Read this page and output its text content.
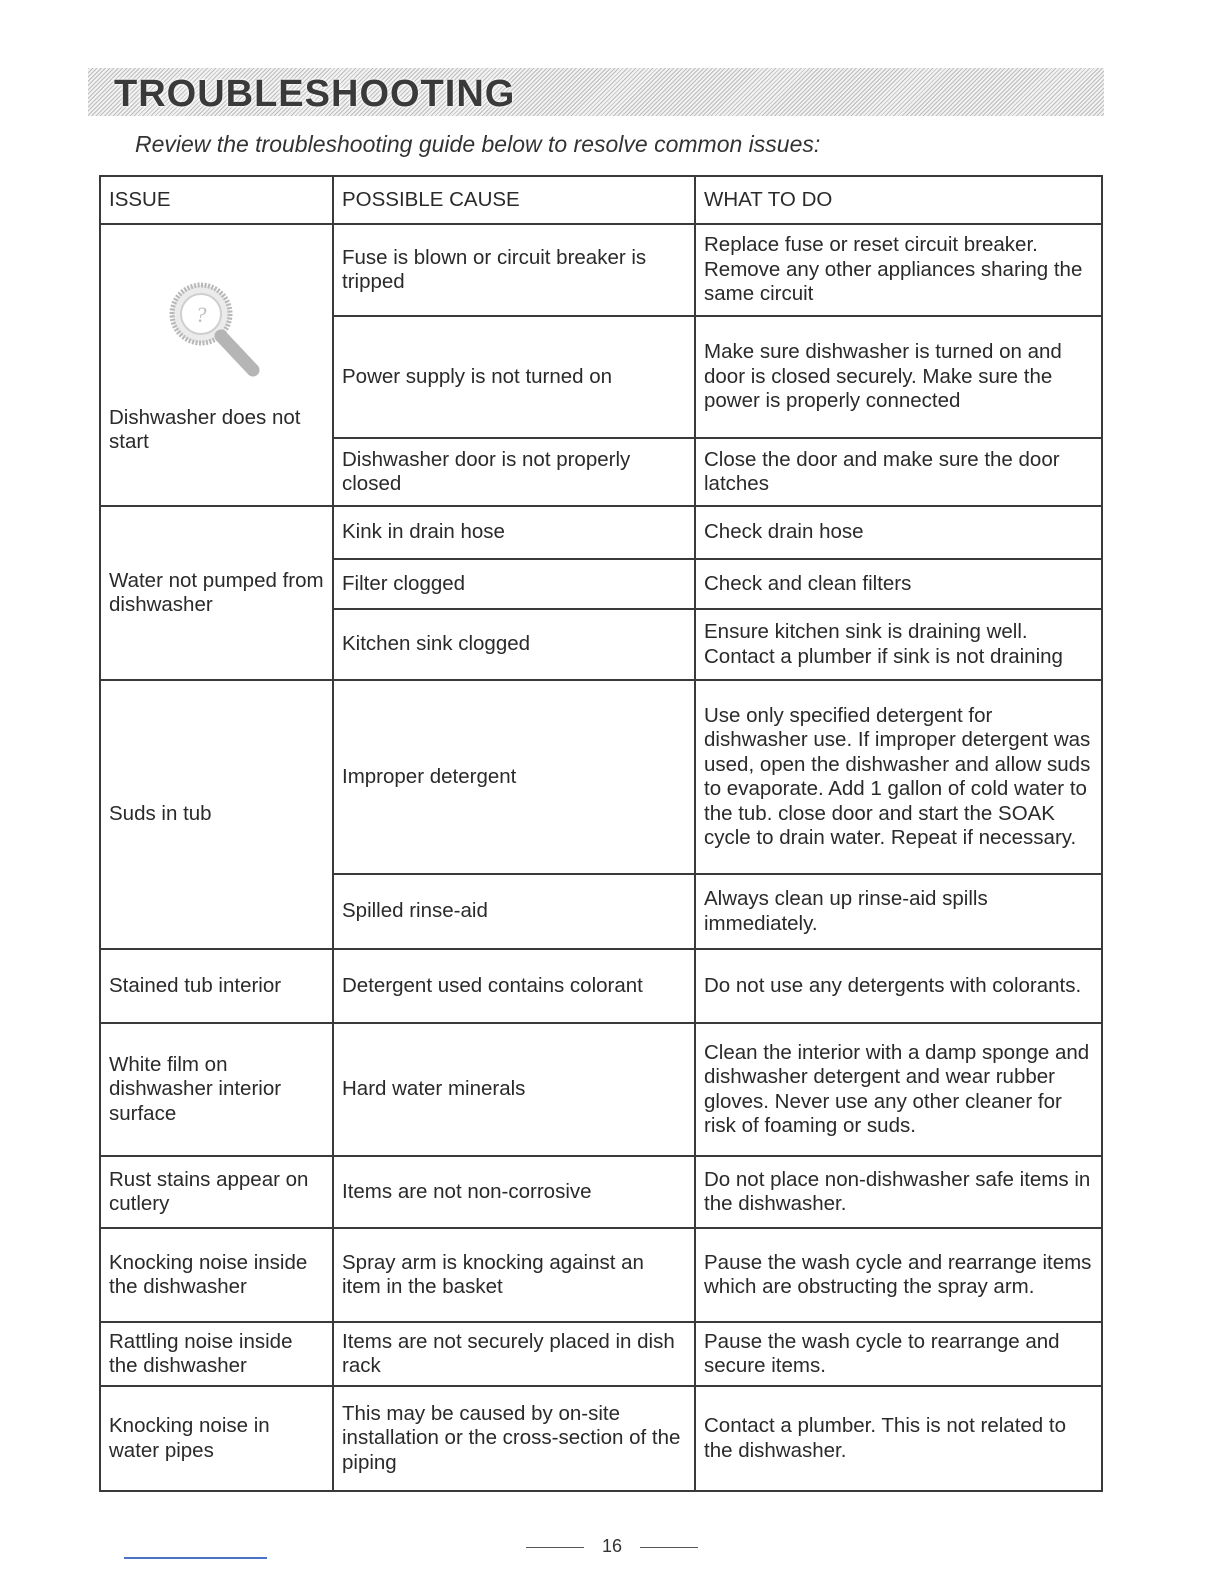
TROUBLESHOOTING
Review the troubleshooting guide below to resolve common issues:
ISSUE	POSSIBLE CAUSE	WHAT TO DO

?
Dishwasher does not start	Fuse is blown or circuit breaker is tripped	Replace fuse or reset circuit breaker. Remove any other appliances sharing the same circuit
	Power supply is not turned on	Make sure dishwasher is turned on and door is closed securely. Make sure the power is properly connected
	Dishwasher door is not properly closed	Close the door and make sure the door latches
Water not pumped from dishwasher	Kink in drain hose	Check drain hose
	Filter clogged	Check and clean filters
	Kitchen sink clogged	Ensure kitchen sink is draining well. Contact a plumber if sink is not draining
Suds in tub	Improper detergent	Use only specified detergent for dishwasher use. If improper detergent was used, open the dishwasher and allow suds to evaporate. Add 1 gallon of cold water to the tub. close door and start the SOAK cycle to drain water. Repeat if necessary.
	Spilled rinse-aid	Always clean up rinse-aid spills immediately.
Stained tub interior	Detergent used contains colorant	Do not use any detergents with colorants.
White film on dishwasher interior surface	Hard water minerals	Clean the interior with a damp sponge and dishwasher detergent and wear rubber gloves. Never use any other cleaner for risk of foaming or suds.
Rust stains appear on cutlery	Items are not non-corrosive	Do not place non-dishwasher safe items in the dishwasher.
Knocking noise inside the dishwasher	Spray arm is knocking against an item in the basket	Pause the wash cycle and rearrange items which are obstructing the spray arm.
Rattling noise inside the dishwasher	Items are not securely placed in dish rack	Pause the wash cycle to rearrange and secure items.
Knocking noise in water pipes	This may be caused by on-site installation or the cross-section of the piping	Contact a plumber. This is not related to the dishwasher.
16
